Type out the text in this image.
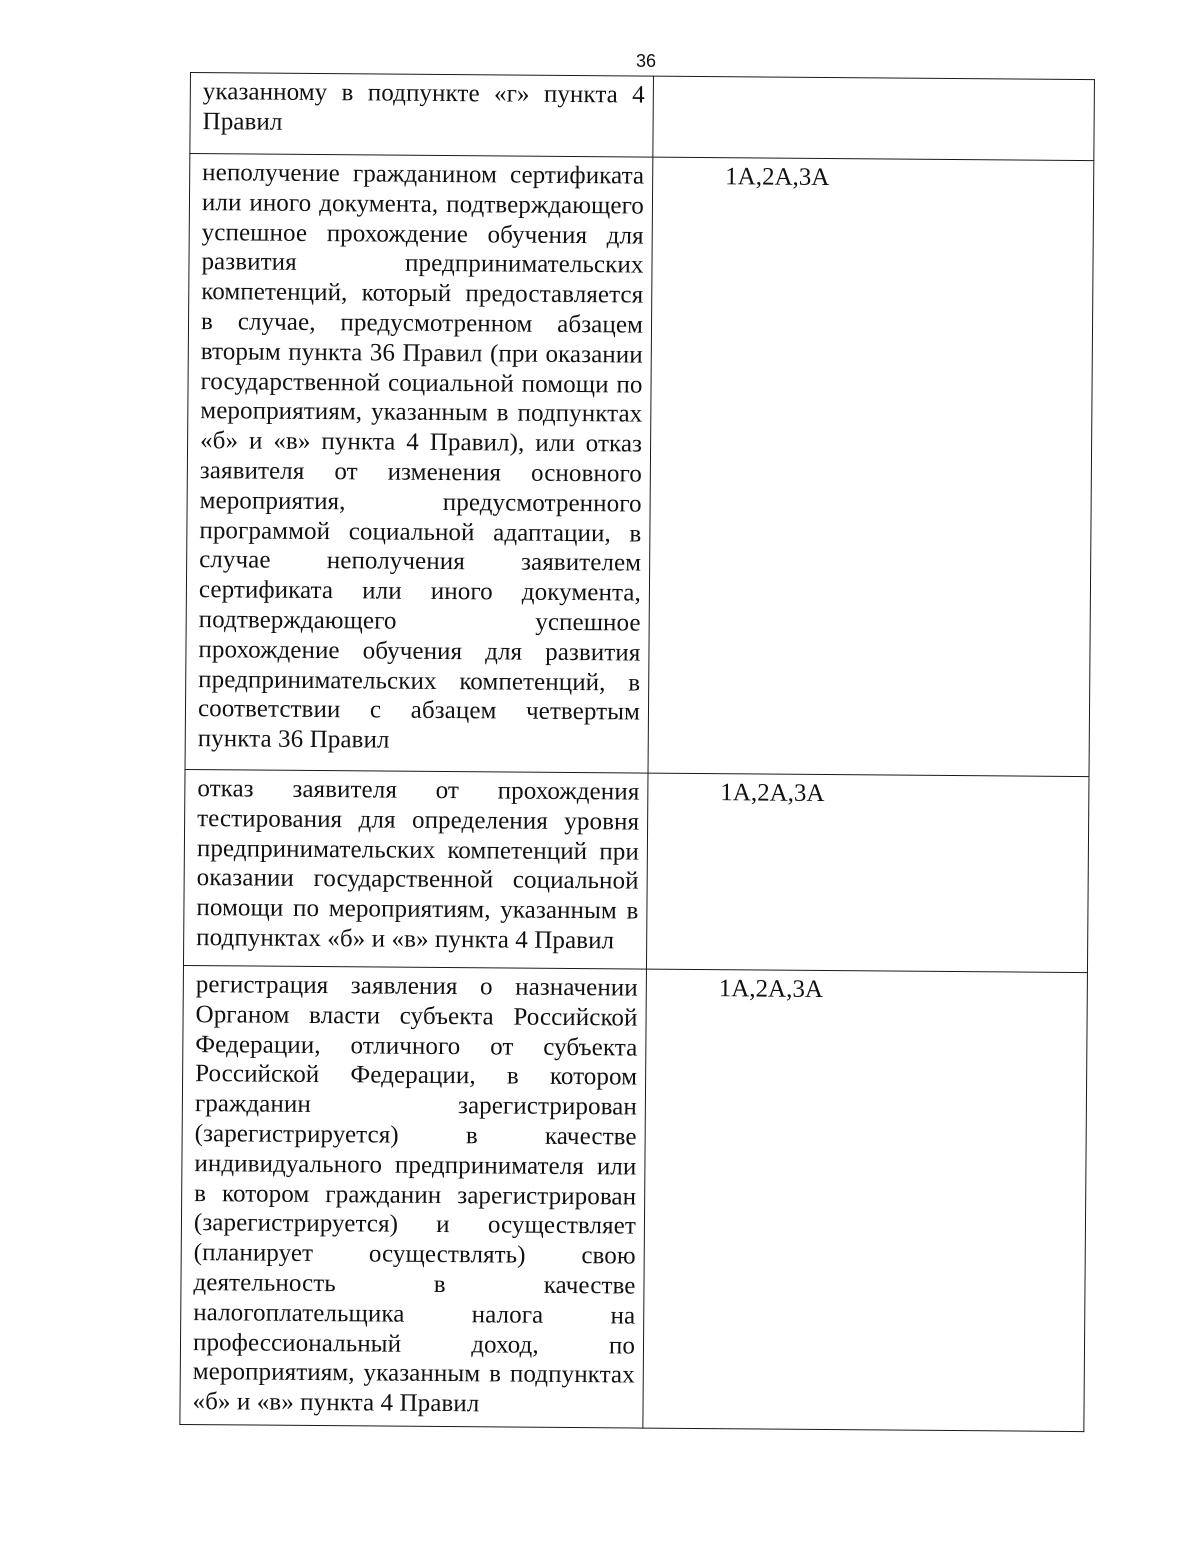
36
указанному в подпункте «г» пункта 4 Правил	
неполучение гражданином сертификата или иного документа, подтверждающего успешное прохождение обучения для развития предпринимательских компетенций, который предоставляется в случае, предусмотренном абзацем вторым пункта 36 Правил (при оказании государственной социальной помощи по мероприятиям, указанным в подпунктах «б» и «в» пункта 4 Правил), или отказ заявителя от изменения основного мероприятия, предусмотренного программой социальной адаптации, в случае неполучения заявителем сертификата или иного документа, подтверждающего успешное прохождение обучения для развития предпринимательских компетенций, в соответствии с абзацем четвертым пункта 36 Правил	1А,2А,3А
отказ заявителя от прохождения тестирования для определения уровня предпринимательских компетенций при оказании государственной социальной помощи по мероприятиям, указанным в подпунктах «б» и «в» пункта 4 Правил	1А,2А,3А
регистрация заявления о назначении Органом власти субъекта Российской Федерации, отличного от субъекта Российской Федерации, в котором гражданин зарегистрирован (зарегистрируется) в качестве индивидуального предпринимателя или в котором гражданин зарегистрирован (зарегистрируется) и осуществляет (планирует осуществлять) свою деятельность в качестве налогоплательщика налога на профессиональный доход, по мероприятиям, указанным в подпунктах «б» и «в» пункта 4 Правил	1А,2А,3А
